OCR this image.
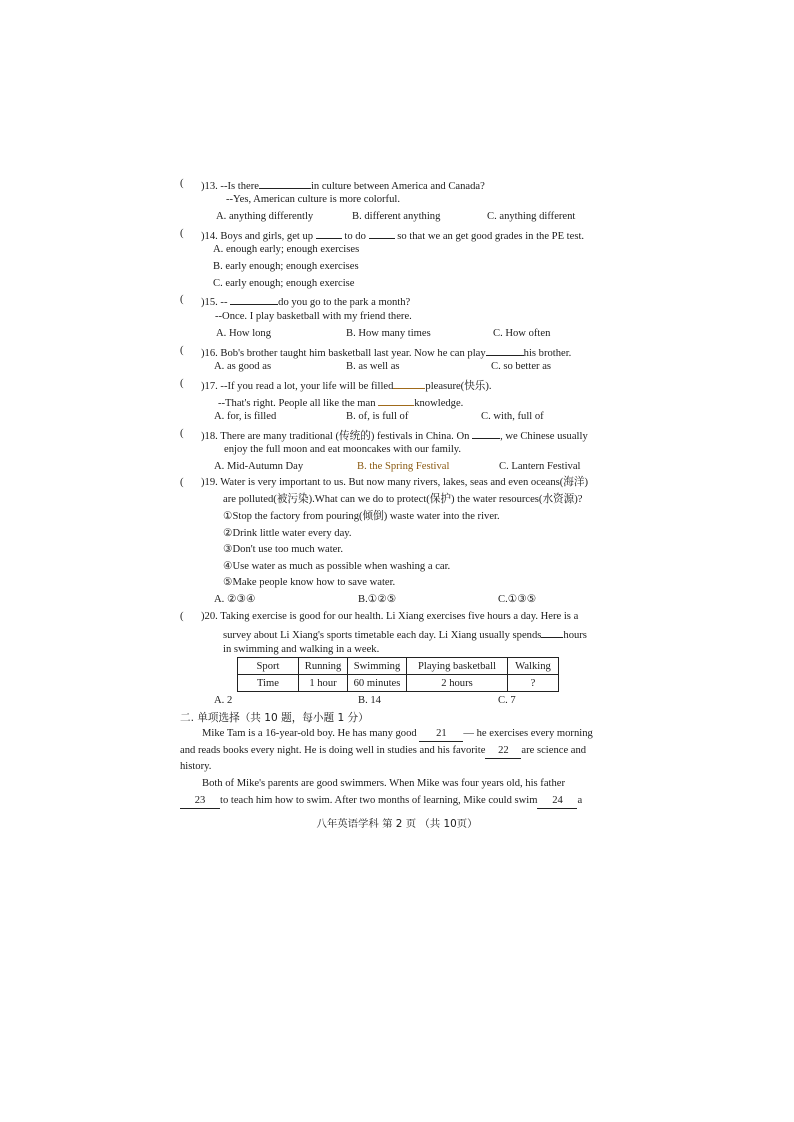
( )13. --Is there	in culture between America and Canada?
--Yes, American culture is more colorful.
A. anything differently	B. different anything	C. anything different
( )14. Boys and girls, get up	to do	so that we an get good grades in the PE test.
A. enough early; enough exercises
B. early enough; enough exercises
C. early enough; enough exercise
( )15. --	do you go to the park a month?
--Once. I play basketball with my friend there.
A. How long	B. How many times	C. How often
( )16. Bob's brother taught him basketball last year. Now he can play	his brother.
A. as good as	B. as well as	C. so better as
( )17. --If you read a lot, your life will be filled	pleasure(快乐).
--That's right. People all like the man	knowledge.
A. for, is filled	B. of, is full of	C. with, full of
( )18. There are many traditional (传统的) festivals in China. On	, we Chinese usually
enjoy the full moon and eat mooncakes with our family.
A. Mid-Autumn Day	B. the Spring Festival	C. Lantern Festival
( )19. Water is very important to us. But now many rivers, lakes, seas and even oceans(海洋)
are polluted(被污染).What can we do to protect(保护) the water resources(水资源)?
①Stop the factory from pouring(倾倒) waste water into the river.
②Drink little water every day.
③Don't use too much water.
④Use water as much as possible when washing a car.
⑤Make people know how to save water.
A. ②③④	B.①②⑤	C.①③⑤
( )20. Taking exercise is good for our health. Li Xiang exercises five hours a day. Here is a
survey about Li Xiang's sports timetable each day. Li Xiang usually spends hours
in swimming and walking in a week.
Sport	Running	Swimming	Playing basketball	Walking
Time	1 hour	60 minutes	2 hours	?
A. 2	B. 14	C. 7
二. 单项选择（共 10 题，每小题 1 分）
Mike Tam is a 16-year-old boy. He has many good 21 — he exercises every morning
and reads books every night. He is doing well in studies and his favorite 22 are science and
history.
Both of Mike's parents are good swimmers. When Mike was four years old, his father
23 to teach him how to swim. After two months of learning, Mike could swim 24 a
八年英语学科 第 2 页 （共 10页）
